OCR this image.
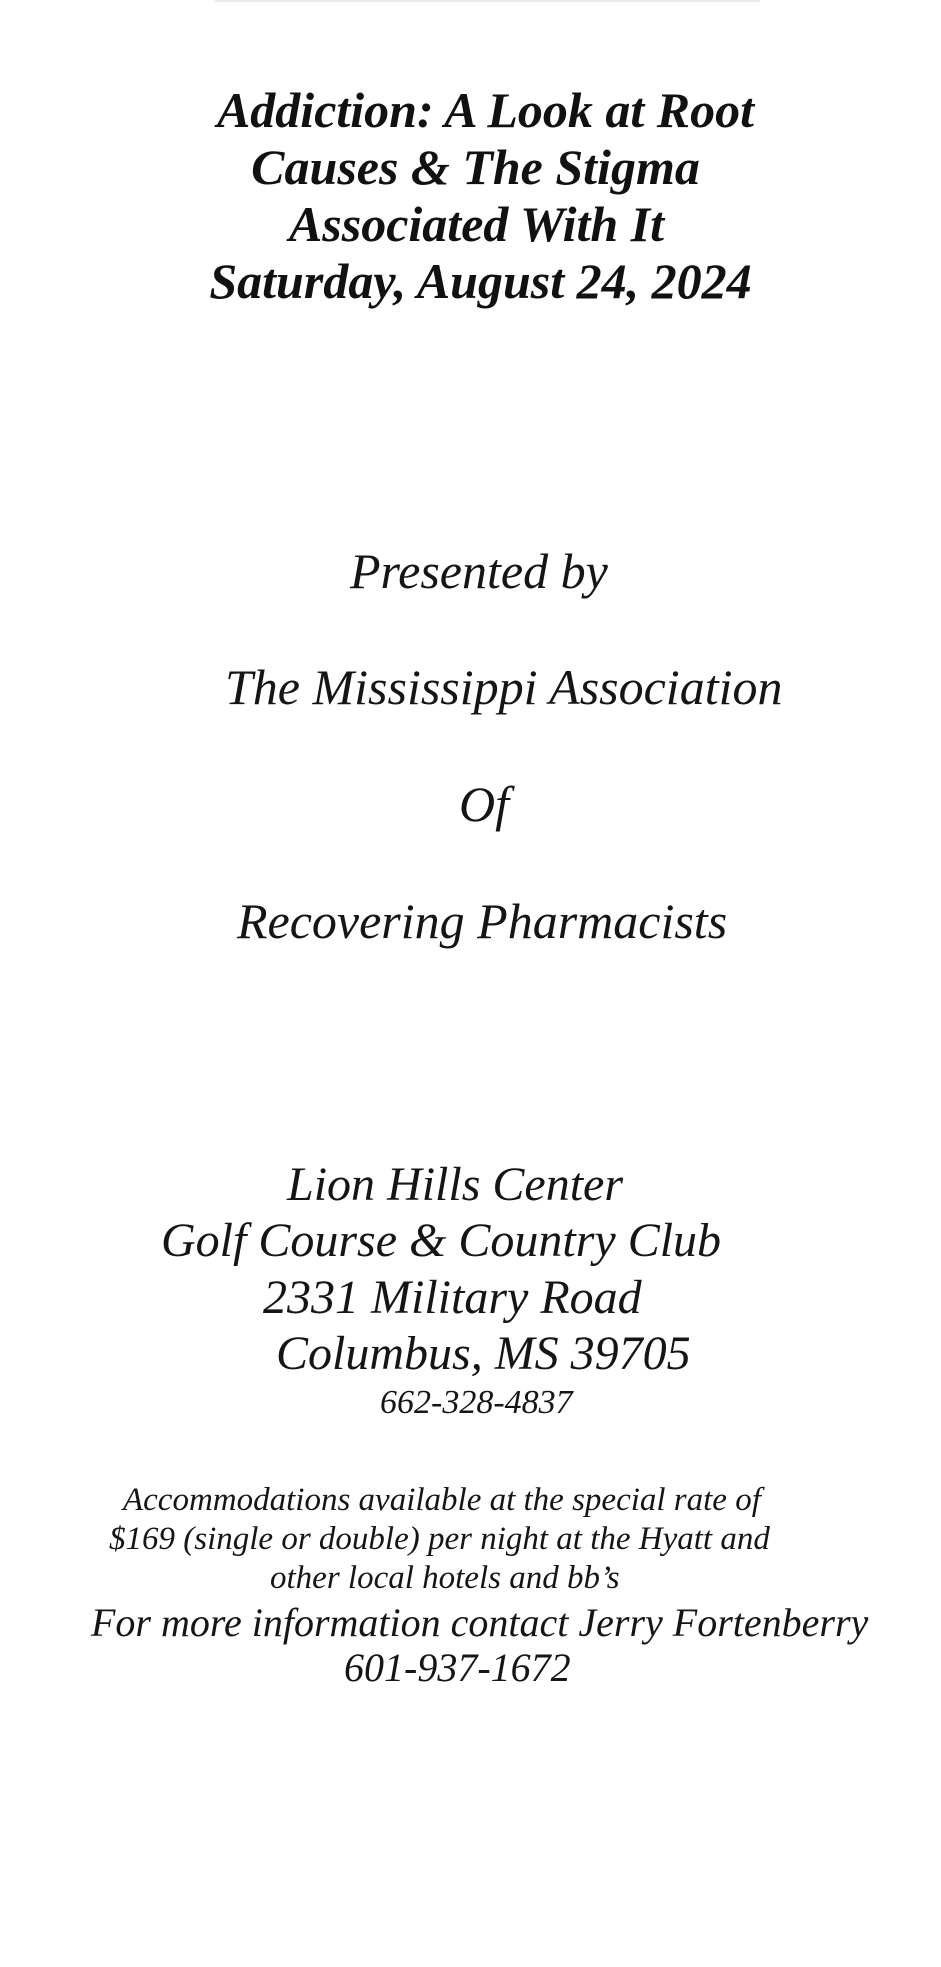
Addiction: A Look at Root
Causes & The Stigma
Associated With It
Saturday, August 24, 2024
Presented by
The Mississippi Association
Of
Recovering Pharmacists
Lion Hills Center
Golf Course & Country Club
2331 Military Road
Columbus, MS 39705
662-328-4837
Accommodations available at the special rate of
$169 (single or double) per night at the Hyatt and
other local hotels and bb’s
For more information contact Jerry Fortenberry
601-937-1672
